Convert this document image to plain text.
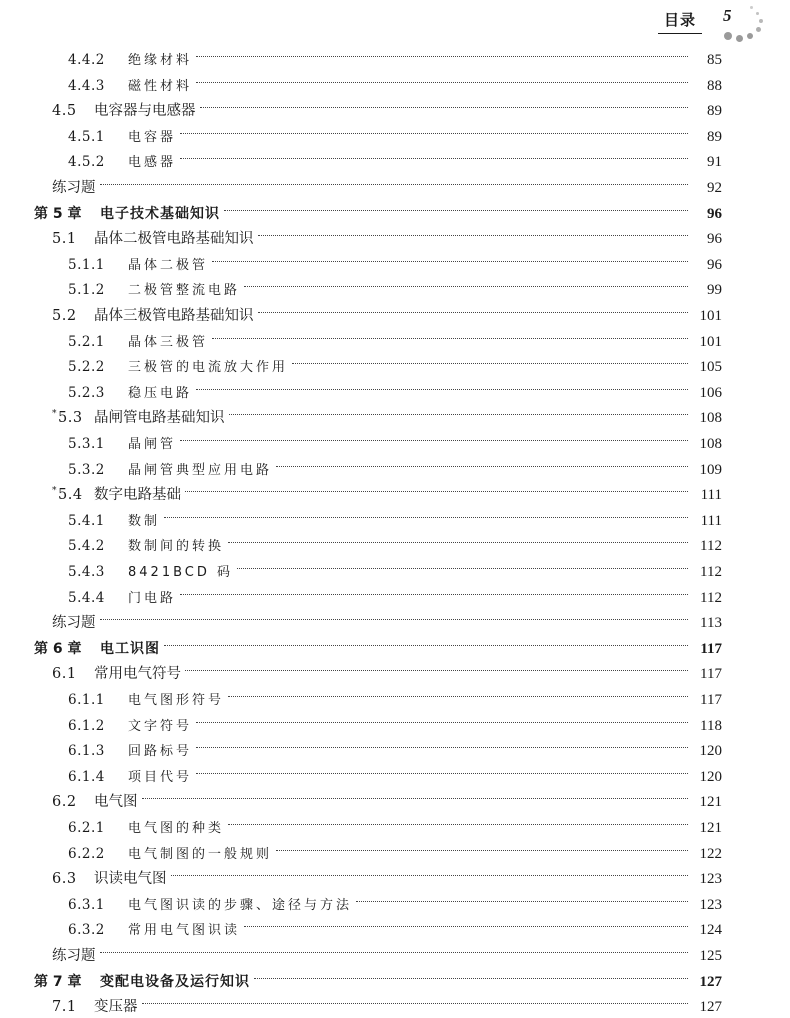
目录 5
4.4.2	绝缘材料	85
4.4.3	磁性材料	88
4.5	电容器与电感器	89
4.5.1	电容器	89
4.5.2	电感器	91
练习题	92
第 5 章	电子技术基础知识	96
5.1	晶体二极管电路基础知识	96
5.1.1	晶体二极管	96
5.1.2	二极管整流电路	99
5.2	晶体三极管电路基础知识	101
5.2.1	晶体三极管	101
5.2.2	三极管的电流放大作用	105
5.2.3	稳压电路	106
*5.3 晶闸管电路基础知识	108
5.3.1	晶闸管	108
5.3.2	晶闸管典型应用电路	109
*5.4 数字电路基础	111
5.4.1	数制	111
5.4.2	数制间的转换	112
5.4.3	8421BCD 码	112
5.4.4	门电路	112
练习题	113
第 6 章	电工识图	117
6.1	常用电气符号	117
6.1.1	电气图形符号	117
6.1.2	文字符号	118
6.1.3	回路标号	120
6.1.4	项目代号	120
6.2	电气图	121
6.2.1	电气图的种类	121
6.2.2	电气制图的一般规则	122
6.3	识读电气图	123
6.3.1	电气图识读的步骤、途径与方法	123
6.3.2	常用电气图识读	124
练习题	125
第 7 章	变配电设备及运行知识	127
7.1	变压器	127
